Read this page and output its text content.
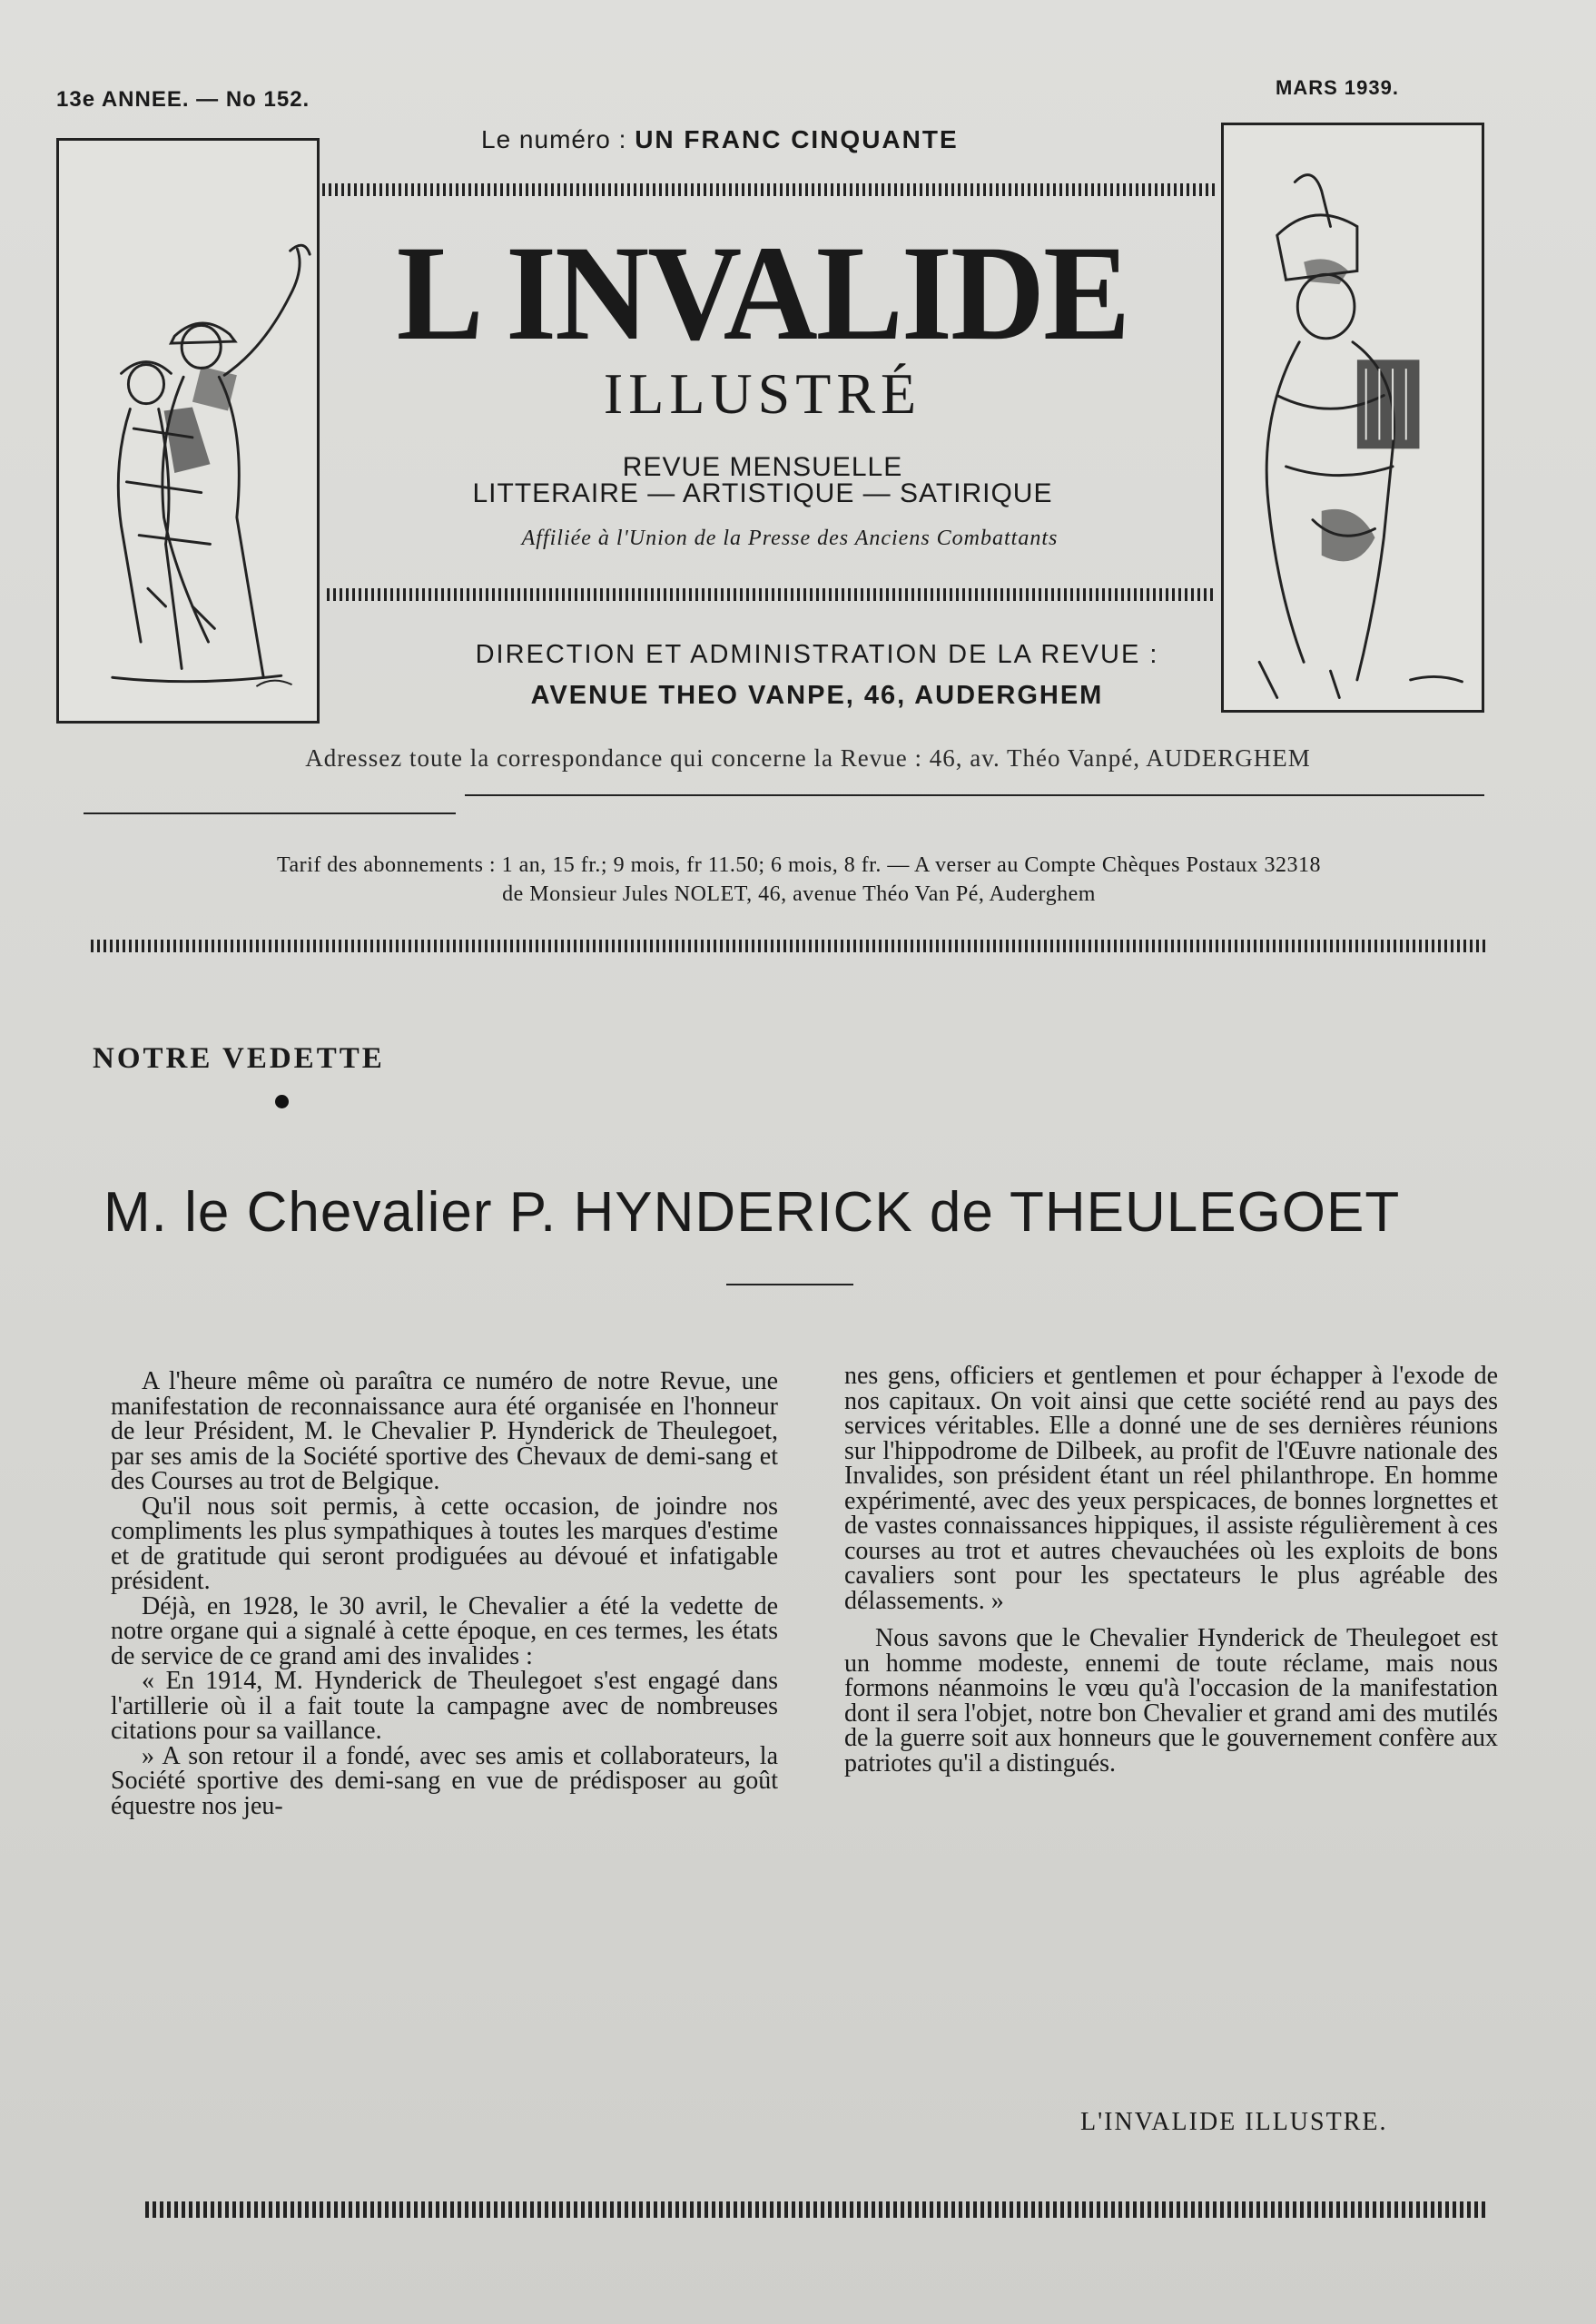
13e ANNEE. — No 152.	MARS 1939.
Le numéro : UN FRANC CINQUANTE
L INVALIDE
ILLUSTRÉ
REVUE MENSUELLE
LITTERAIRE — ARTISTIQUE — SATIRIQUE
Affiliée à l'Union de la Presse des Anciens Combattants
DIRECTION ET ADMINISTRATION DE LA REVUE :
AVENUE THEO VANPE, 46, AUDERGHEM
Adressez toute la correspondance qui concerne la Revue : 46, av. Théo Vanpé, AUDERGHEM
Tarif des abonnements : 1 an, 15 fr.; 9 mois, fr 11.50; 6 mois, 8 fr. — A verser au Compte Chèques Postaux 32318
de Monsieur Jules NOLET, 46, avenue Théo Van Pé, Auderghem
NOTRE VEDETTE
M. le Chevalier P. HYNDERICK de THEULEGOET

A l'heure même où paraîtra ce numéro de notre Revue, une manifestation de reconnaissance aura été organisée en l'honneur de leur Président, M. le Chevalier P. Hynderick de Theulegoet, par ses amis de la Société sportive des Chevaux de demi-sang et des Courses au trot de Belgique.

Qu'il nous soit permis, à cette occasion, de joindre nos compliments les plus sympathiques à toutes les marques d'estime et de gratitude qui seront prodiguées au dévoué et infatigable président.

Déjà, en 1928, le 30 avril, le Chevalier a été la vedette de notre organe qui a signalé à cette époque, en ces termes, les états de service de ce grand ami des invalides :

« En 1914, M. Hynderick de Theulegoet s'est engagé dans l'artillerie où il a fait toute la campagne avec de nombreuses citations pour sa vaillance.

» A son retour il a fondé, avec ses amis et collaborateurs, la Société sportive des demi-sang en vue de prédisposer au goût équestre nos jeu-

nes gens, officiers et gentlemen et pour échapper à l'exode de nos capitaux. On voit ainsi que cette société rend au pays des services véritables. Elle a donné une de ses dernières réunions sur l'hippodrome de Dilbeek, au profit de l'Œuvre nationale des Invalides, son président étant un réel philanthrope. En homme expérimenté, avec des yeux perspicaces, de bonnes lorgnettes et de vastes connaissances hippiques, il assiste régulièrement à ces courses au trot et autres chevauchées où les exploits de bons cavaliers sont pour les spectateurs le plus agréable des délassements. »

Nous savons que le Chevalier Hynderick de Theulegoet est un homme modeste, ennemi de toute réclame, mais nous formons néanmoins le vœu qu'à l'occasion de la manifestation dont il sera l'objet, notre bon Chevalier et grand ami des mutilés de la guerre soit aux honneurs que le gouvernement confère aux patriotes qu'il a distingués.

L'INVALIDE ILLUSTRE.
